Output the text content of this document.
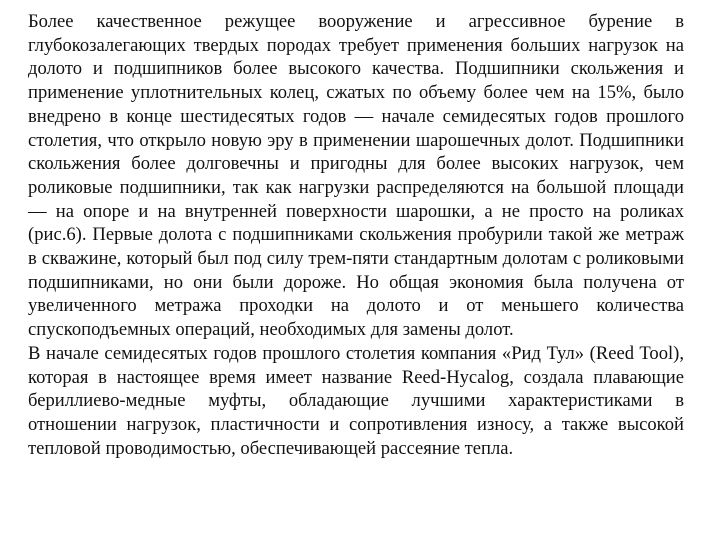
Более качественное режущее вооружение и агрессивное бурение в глубокозалегающих твердых породах требует применения больших нагрузок на долото и подшипников более высокого качества. Подшипники скольжения и применение уплотнительных колец, сжатых по объему более чем на 15%, было внедрено в конце шестидесятых годов — начале семидесятых годов прошлого столетия, что открыло новую эру в применении шарошечных долот. Подшипники скольжения более долговечны и пригодны для более высоких нагрузок, чем роликовые подшипники, так как нагрузки распределяются на большой площади — на опоре и на внутренней поверхности шарошки, а не просто на роликах (рис.6). Первые долота с подшипниками скольжения пробурили такой же метраж в скважине, который был под силу трем-пяти стандартным долотам с роликовыми подшипниками, но они были дороже. Но общая экономия была получена от увеличенного метража проходки на долото и от меньшего количества спускоподъемных операций, необходимых для замены долот.

В начале семидесятых годов прошлого столетия компания «Рид Тул» (Reed Tool), которая в настоящее время имеет название Reed-Hycalog, создала плавающие бериллиево-медные муфты, обладающие лучшими характеристиками в отношении нагрузок, пластичности и сопротивления износу, а также высокой тепловой проводимостью, обеспечивающей рассеяние тепла.
